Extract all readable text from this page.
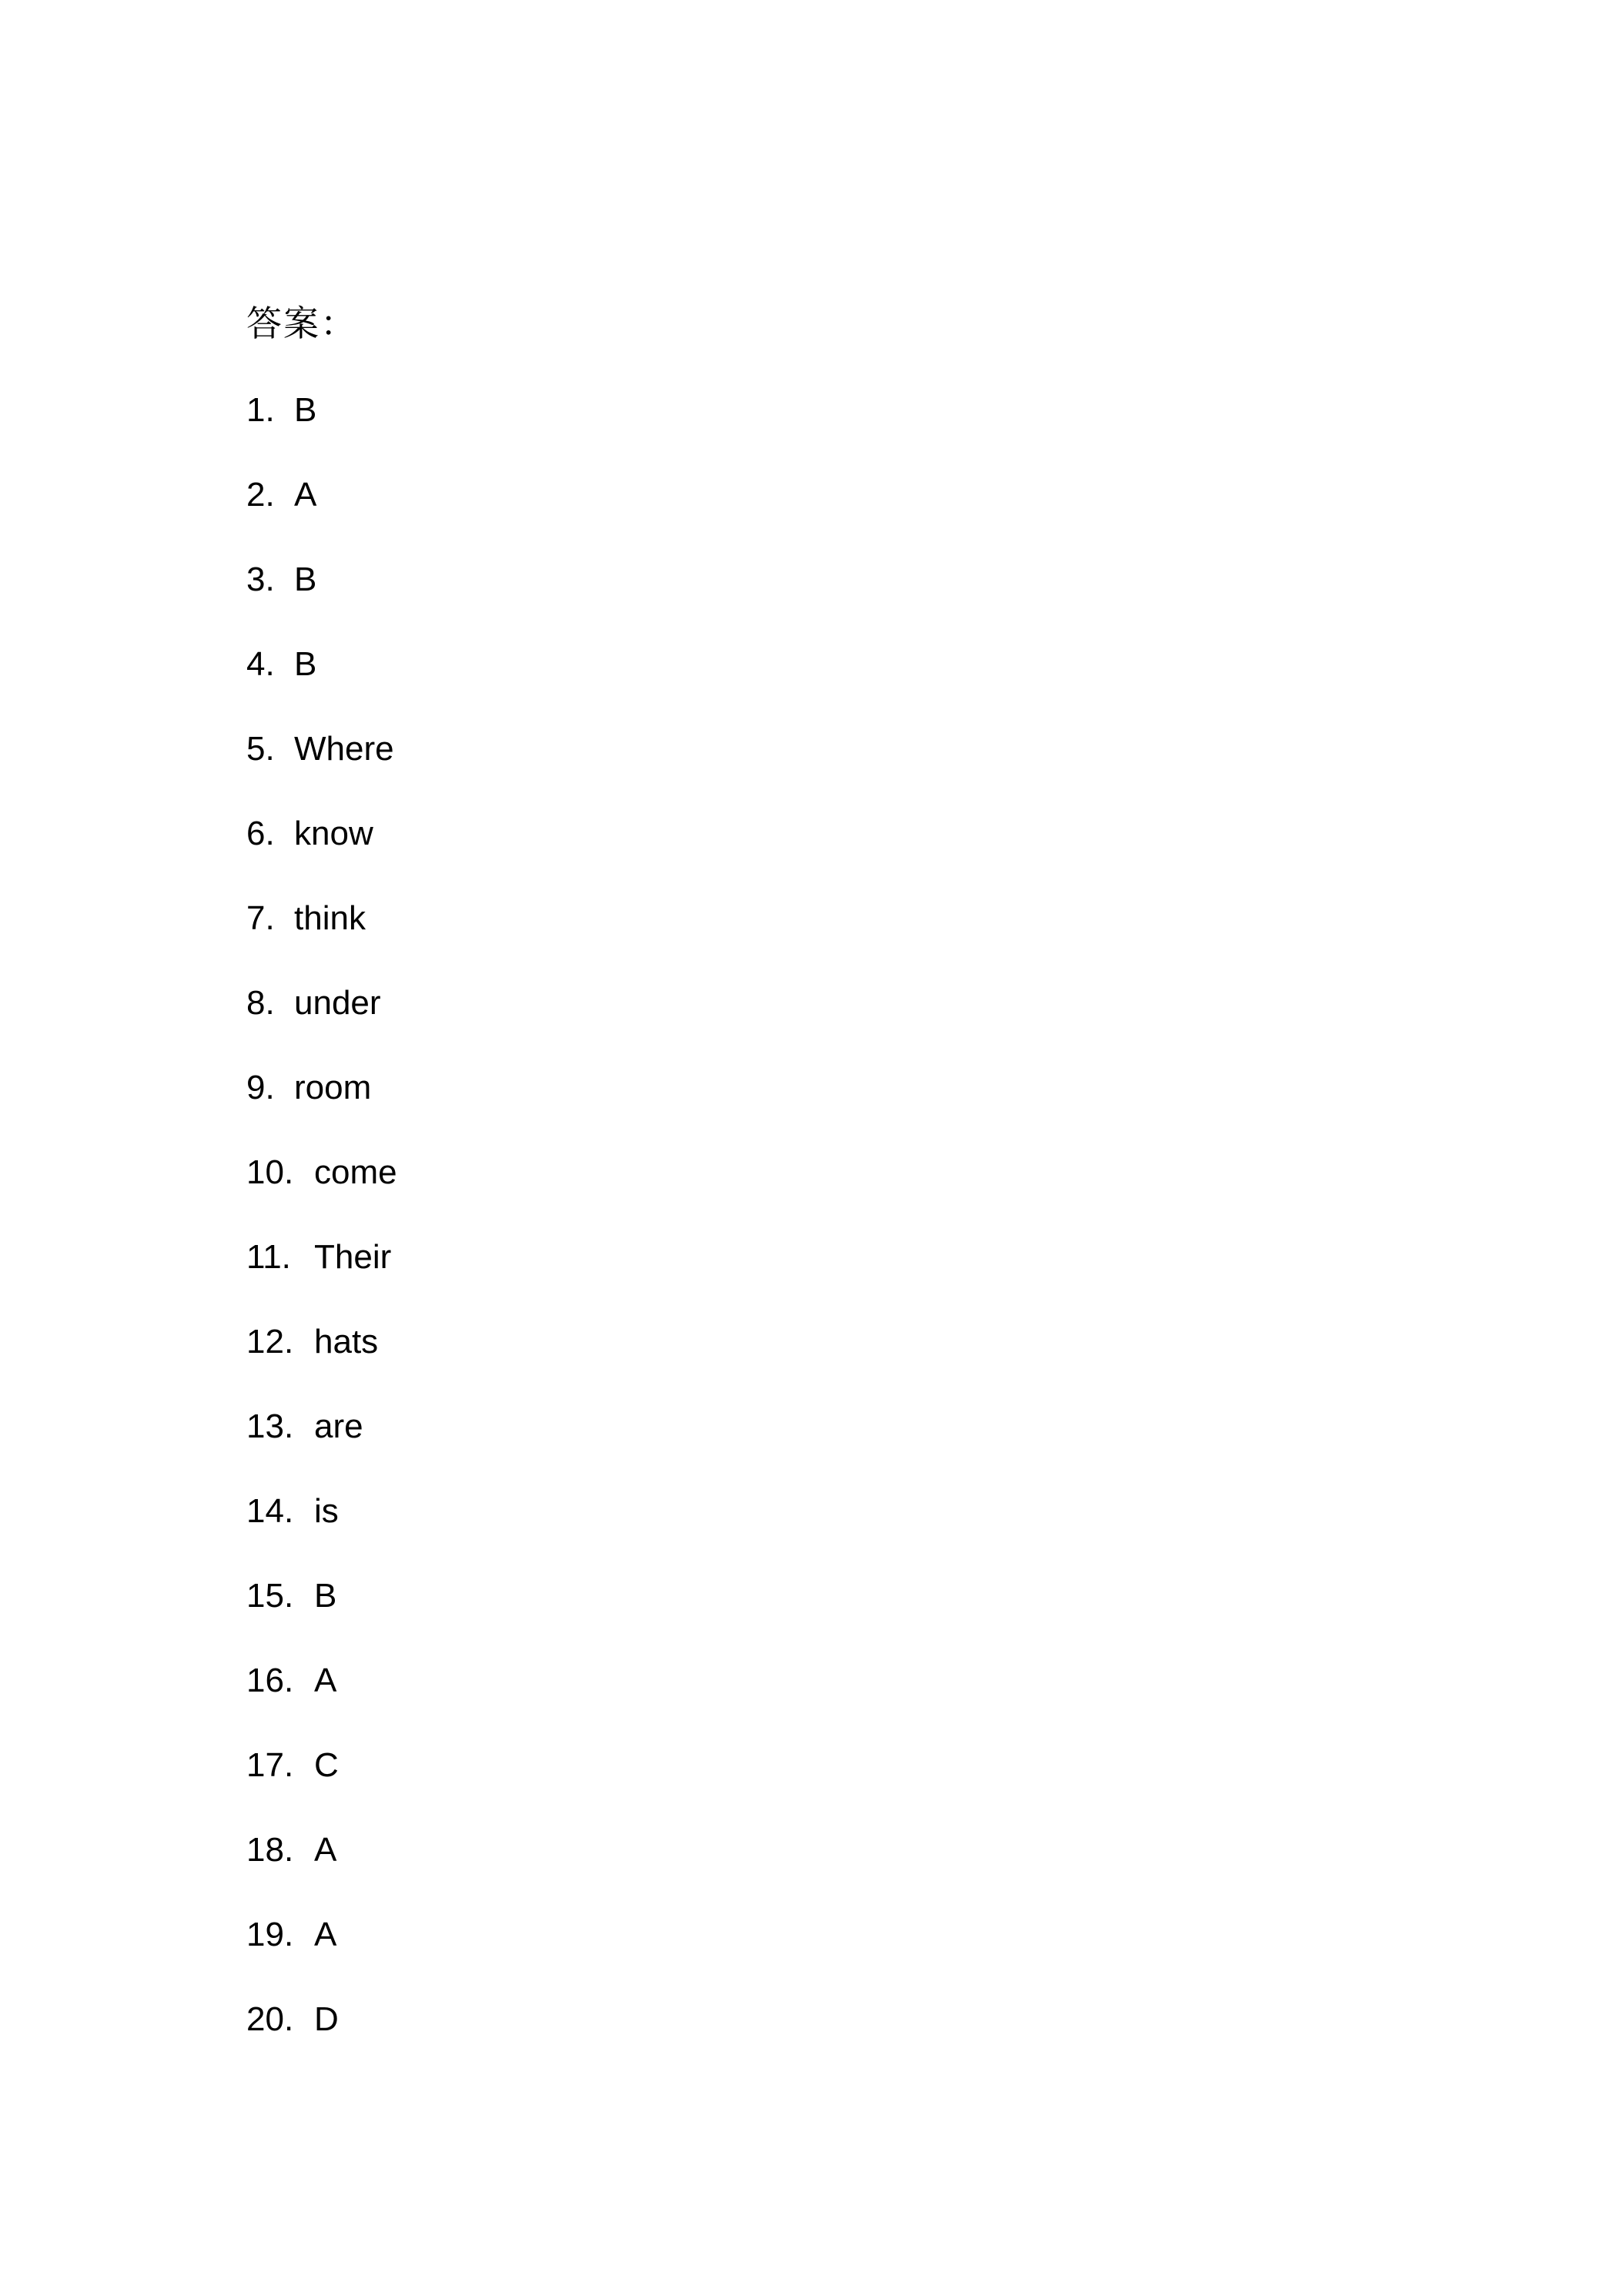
答案：
1. B
2. A
3. B
4. B
5. Where
6. know
7. think
8. under
9. room
10. come
11. Their
12. hats
13. are
14. is
15. B
16. A
17. C
18. A
19. A
20. D
